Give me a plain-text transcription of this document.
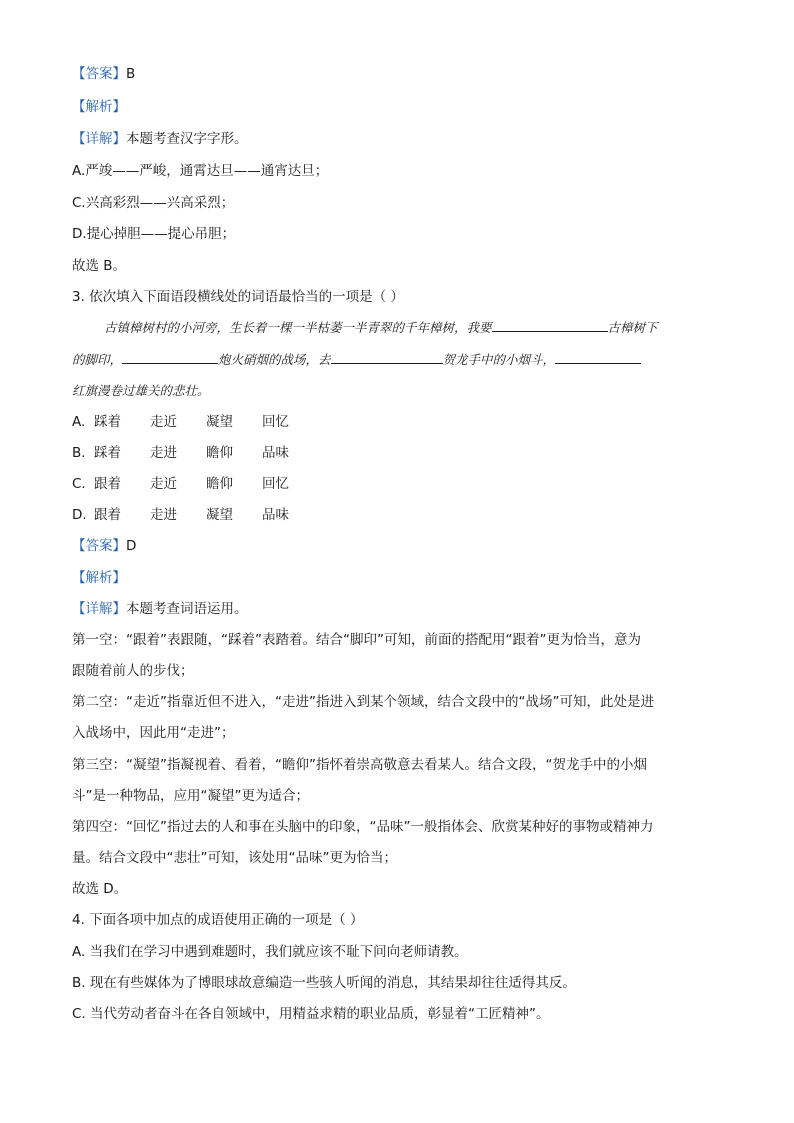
【答案】B
【解析】
【详解】本题考查汉字字形。
A.严竣——严峻，通霄达旦——通宵达旦；
C.兴高彩烈——兴高采烈；
D.提心掉胆——提心吊胆；
故选 B。
3. 依次填入下面语段横线处的词语最恰当的一项是（ ）
古镇樟树村的小河旁，生长着一棵一半枯萎一半青翠的千年樟树，我要	古樟树下
的脚印，	炮火硝烟的战场，去	贺龙手中的小烟斗，
红旗漫卷过雄关的悲壮。
A. 踩着 走近 凝望 回忆
B. 踩着 走进 瞻仰 品味
C. 跟着 走近 瞻仰 回忆
D. 跟着 走进 凝望 品味
【答案】D
【解析】
【详解】本题考查词语运用。
第一空：“跟着”表跟随，“踩着”表踏着。结合“脚印”可知，前面的搭配用“跟着”更为恰当，意为
跟随着前人的步伐；
第二空：“走近”指靠近但不进入，“走进”指进入到某个领域，结合文段中的“战场”可知，此处是进
入战场中，因此用“走进”；
第三空：“凝望”指凝视着、看着，“瞻仰”指怀着崇高敬意去看某人。结合文段，“贺龙手中的小烟
斗”是一种物品，应用“凝望”更为适合；
第四空：“回忆”指过去的人和事在头脑中的印象，“品味”一般指体会、欣赏某种好的事物或精神力
量。结合文段中“悲壮”可知，该处用“品味”更为恰当；
故选 D。
4. 下面各项中加点的成语使用正确的一项是（ ）
A. 当我们在学习中遇到难题时，我们就应该不耻下问向老师请教。
B. 现在有些媒体为了博眼球故意编造一些骇人听闻的消息，其结果却往往适得其反。
C. 当代劳动者奋斗在各自领域中，用精益求精的职业品质，彰显着“工匠精神”。
